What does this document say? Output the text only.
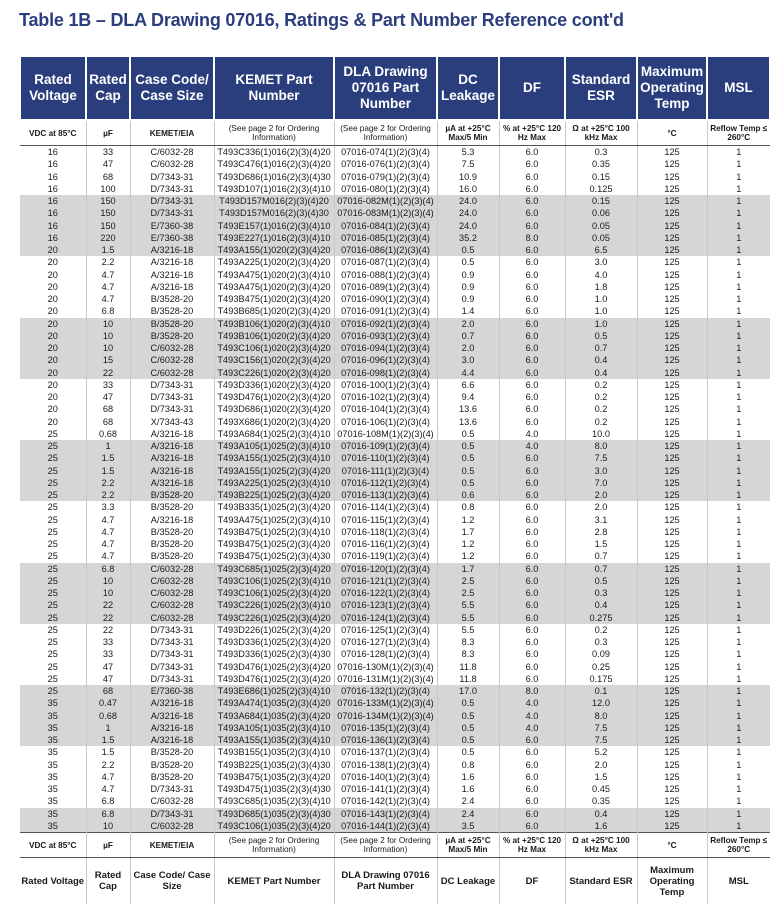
Table 1B – DLA Drawing 07016, Ratings & Part Number Reference cont'd
Rated Voltage	Rated Cap	Case Code/ Case Size	KEMET Part Number	DLA Drawing 07016 Part Number	DC Leakage	DF	Standard ESR	Maximum Operating Temp	MSL
VDC at 85°C	µF	KEMET/EIA	(See page 2 for Ordering Information)	(See page 2 for Ordering Information)	µA at +25°C Max/5 Min	% at +25°C 120 Hz Max	Ω at +25°C 100 kHz Max	°C	Reflow Temp ≤ 260°C
16	33	C/6032-28	T493C336(1)016(2)(3)(4)20	07016-074(1)(2)(3)(4)	5.3	6.0	0.3	125	1
16	47	C/6032-28	T493C476(1)016(2)(3)(4)20	07016-076(1)(2)(3)(4)	7.5	6.0	0.35	125	1
16	68	D/7343-31	T493D686(1)016(2)(3)(4)30	07016-079(1)(2)(3)(4)	10.9	6.0	0.15	125	1
16	100	D/7343-31	T493D107(1)016(2)(3)(4)10	07016-080(1)(2)(3)(4)	16.0	6.0	0.125	125	1
16	150	D/7343-31	T493D157M016(2)(3)(4)20	07016-082M(1)(2)(3)(4)	24.0	6.0	0.15	125	1
16	150	D/7343-31	T493D157M016(2)(3)(4)30	07016-083M(1)(2)(3)(4)	24.0	6.0	0.06	125	1
16	150	E/7360-38	T493E157(1)016(2)(3)(4)10	07016-084(1)(2)(3)(4)	24.0	6.0	0.05	125	1
16	220	E/7360-38	T493E227(1)016(2)(3)(4)10	07016-085(1)(2)(3)(4)	35.2	8.0	0.05	125	1
20	1.5	A/3216-18	T493A155(1)020(2)(3)(4)20	07016-086(1)(2)(3)(4)	0.5	6.0	6.5	125	1
20	2.2	A/3216-18	T493A225(1)020(2)(3)(4)20	07016-087(1)(2)(3)(4)	0.5	6.0	3.0	125	1
20	4.7	A/3216-18	T493A475(1)020(2)(3)(4)10	07016-088(1)(2)(3)(4)	0.9	6.0	4.0	125	1
20	4.7	A/3216-18	T493A475(1)020(2)(3)(4)20	07016-089(1)(2)(3)(4)	0.9	6.0	1.8	125	1
20	4.7	B/3528-20	T493B475(1)020(2)(3)(4)20	07016-090(1)(2)(3)(4)	0.9	6.0	1.0	125	1
20	6.8	B/3528-20	T493B685(1)020(2)(3)(4)20	07016-091(1)(2)(3)(4)	1.4	6.0	1.0	125	1
20	10	B/3528-20	T493B106(1)020(2)(3)(4)10	07016-092(1)(2)(3)(4)	2.0	6.0	1.0	125	1
20	10	B/3528-20	T493B106(1)020(2)(3)(4)20	07016-093(1)(2)(3)(4)	0.7	6.0	0.5	125	1
20	10	C/6032-28	T493C106(1)020(2)(3)(4)20	07016-094(1)(2)(3)(4)	2.0	6.0	0.7	125	1
20	15	C/6032-28	T493C156(1)020(2)(3)(4)20	07016-096(1)(2)(3)(4)	3.0	6.0	0.4	125	1
20	22	C/6032-28	T493C226(1)020(2)(3)(4)20	07016-098(1)(2)(3)(4)	4.4	6.0	0.4	125	1
20	33	D/7343-31	T493D336(1)020(2)(3)(4)20	07016-100(1)(2)(3)(4)	6.6	6.0	0.2	125	1
20	47	D/7343-31	T493D476(1)020(2)(3)(4)20	07016-102(1)(2)(3)(4)	9.4	6.0	0.2	125	1
20	68	D/7343-31	T493D686(1)020(2)(3)(4)20	07016-104(1)(2)(3)(4)	13.6	6.0	0.2	125	1
20	68	X/7343-43	T493X686(1)020(2)(3)(4)20	07016-106(1)(2)(3)(4)	13.6	6.0	0.2	125	1
25	0.68	A/3216-18	T493A684(1)025(2)(3)(4)10	07016-108M(1)(2)(3)(4)	0.5	4.0	10.0	125	1
25	1	A/3216-18	T493A105(1)025(2)(3)(4)10	07016-109(1)(2)(3)(4)	0.5	4.0	8.0	125	1
25	1.5	A/3216-18	T493A155(1)025(2)(3)(4)10	07016-110(1)(2)(3)(4)	0.5	6.0	7.5	125	1
25	1.5	A/3216-18	T493A155(1)025(2)(3)(4)20	07016-111(1)(2)(3)(4)	0.5	6.0	3.0	125	1
25	2.2	A/3216-18	T493A225(1)025(2)(3)(4)10	07016-112(1)(2)(3)(4)	0.5	6.0	7.0	125	1
25	2.2	B/3528-20	T493B225(1)025(2)(3)(4)20	07016-113(1)(2)(3)(4)	0.6	6.0	2.0	125	1
25	3.3	B/3528-20	T493B335(1)025(2)(3)(4)20	07016-114(1)(2)(3)(4)	0.8	6.0	2.0	125	1
25	4.7	A/3216-18	T493A475(1)025(2)(3)(4)10	07016-115(1)(2)(3)(4)	1.2	6.0	3.1	125	1
25	4.7	B/3528-20	T493B475(1)025(2)(3)(4)10	07016-118(1)(2)(3)(4)	1.7	6.0	2.8	125	1
25	4.7	B/3528-20	T493B475(1)025(2)(3)(4)20	07016-116(1)(2)(3)(4)	1.2	6.0	1.5	125	1
25	4.7	B/3528-20	T493B475(1)025(2)(3)(4)30	07016-119(1)(2)(3)(4)	1.2	6.0	0.7	125	1
25	6.8	C/6032-28	T493C685(1)025(2)(3)(4)20	07016-120(1)(2)(3)(4)	1.7	6.0	0.7	125	1
25	10	C/6032-28	T493C106(1)025(2)(3)(4)10	07016-121(1)(2)(3)(4)	2.5	6.0	0.5	125	1
25	10	C/6032-28	T493C106(1)025(2)(3)(4)20	07016-122(1)(2)(3)(4)	2.5	6.0	0.3	125	1
25	22	C/6032-28	T493C226(1)025(2)(3)(4)10	07016-123(1)(2)(3)(4)	5.5	6.0	0.4	125	1
25	22	C/6032-28	T493C226(1)025(2)(3)(4)20	07016-124(1)(2)(3)(4)	5.5	6.0	0.275	125	1
25	22	D/7343-31	T493D226(1)025(2)(3)(4)20	07016-125(1)(2)(3)(4)	5.5	6.0	0.2	125	1
25	33	D/7343-31	T493D336(1)025(2)(3)(4)20	07016-127(1)(2)(3)(4)	8.3	6.0	0.3	125	1
25	33	D/7343-31	T493D336(1)025(2)(3)(4)30	07016-128(1)(2)(3)(4)	8.3	6.0	0.09	125	1
25	47	D/7343-31	T493D476(1)025(2)(3)(4)20	07016-130M(1)(2)(3)(4)	11.8	6.0	0.25	125	1
25	47	D/7343-31	T493D476(1)025(2)(3)(4)20	07016-131M(1)(2)(3)(4)	11.8	6.0	0.175	125	1
25	68	E/7360-38	T493E686(1)025(2)(3)(4)10	07016-132(1)(2)(3)(4)	17.0	8.0	0.1	125	1
35	0.47	A/3216-18	T493A474(1)035(2)(3)(4)20	07016-133M(1)(2)(3)(4)	0.5	4.0	12.0	125	1
35	0.68	A/3216-18	T493A684(1)035(2)(3)(4)20	07016-134M(1)(2)(3)(4)	0.5	4.0	8.0	125	1
35	1	A/3216-18	T493A105(1)035(2)(3)(4)10	07016-135(1)(2)(3)(4)	0.5	4.0	7.5	125	1
35	1.5	A/3216-18	T493A155(1)035(2)(3)(4)10	07016-136(1)(2)(3)(4)	0.5	6.0	7.5	125	1
35	1.5	B/3528-20	T493B155(1)035(2)(3)(4)10	07016-137(1)(2)(3)(4)	0.5	6.0	5.2	125	1
35	2.2	B/3528-20	T493B225(1)035(2)(3)(4)30	07016-138(1)(2)(3)(4)	0.8	6.0	2.0	125	1
35	4.7	B/3528-20	T493B475(1)035(2)(3)(4)20	07016-140(1)(2)(3)(4)	1.6	6.0	1.5	125	1
35	4.7	D/7343-31	T493D475(1)035(2)(3)(4)30	07016-141(1)(2)(3)(4)	1.6	6.0	0.45	125	1
35	6.8	C/6032-28	T493C685(1)035(2)(3)(4)10	07016-142(1)(2)(3)(4)	2.4	6.0	0.35	125	1
35	6.8	D/7343-31	T493D685(1)035(2)(3)(4)30	07016-143(1)(2)(3)(4)	2.4	6.0	0.4	125	1
35	10	C/6032-28	T493C106(1)035(2)(3)(4)20	07016-144(1)(2)(3)(4)	3.5	6.0	1.6	125	1
VDC at 85°C	µF	KEMET/EIA	(See page 2 for Ordering Information)	(See page 2 for Ordering Information)	µA at +25°C Max/5 Min	% at +25°C 120 Hz Max	Ω at +25°C 100 kHz Max	°C	Reflow Temp ≤ 260°C
Rated Voltage	Rated Cap	Case Code/ Case Size	KEMET Part Number	DLA Drawing 07016 Part Number	DC Leakage	DF	Standard ESR	Maximum Operating Temp	MSL
